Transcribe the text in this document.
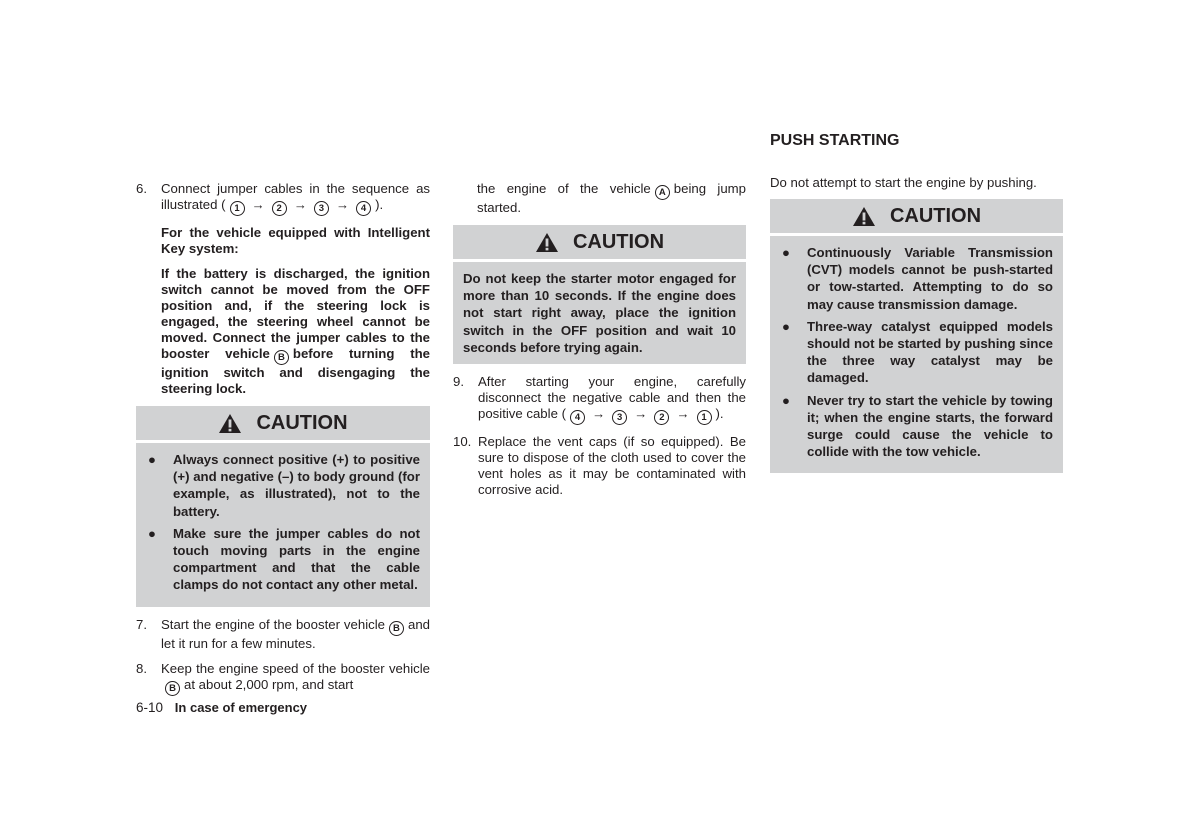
6.	Connect jumper cables in the sequence as illustrated ( 1 → 2 → 3 → 4 ).
For the vehicle equipped with Intelligent Key system:
If the battery is discharged, the ignition switch cannot be moved from the OFF position and, if the steering lock is engaged, the steering wheel cannot be moved. Connect the jumper cables to the booster vehicle B before turning the ignition switch and disengaging the steering lock.
CAUTION
●	Always connect positive (+) to positive (+) and negative (–) to body ground (for example, as illustrated), not to the battery.
●	Make sure the jumper cables do not touch moving parts in the engine compartment and that the cable clamps do not contact any other metal.
7.	Start the engine of the booster vehicle B and let it run for a few minutes.
8.	Keep the engine speed of the booster vehicleB at about 2,000 rpm, and start
the engine of the vehicle A being jump started.
CAUTION

Do not keep the starter motor engaged for more than 10 seconds. If the engine does not start right away, place the ignition switch in the OFF position and wait 10 seconds before trying again.

9.	After starting your engine, carefully disconnect the negative cable and then the positive cable ( 4 → 3 → 2 → 1 ).
10. Replace the vent caps (if so equipped). Be sure to dispose of the cloth used to cover the vent holes as it may be contaminated with corrosive acid.
PUSH STARTING
Do not attempt to start the engine by pushing.
CAUTION
●	Continuously Variable Transmission (CVT) models cannot be push-started or tow-started. Attempting to do so may cause transmission damage.
●	Three-way catalyst equipped models should not be started by pushing since the three way catalyst may be damaged.
●	Never try to start the vehicle by towing it; when the engine starts, the forward surge could cause the vehicle to collide with the tow vehicle.
6-10 In case of emergency
